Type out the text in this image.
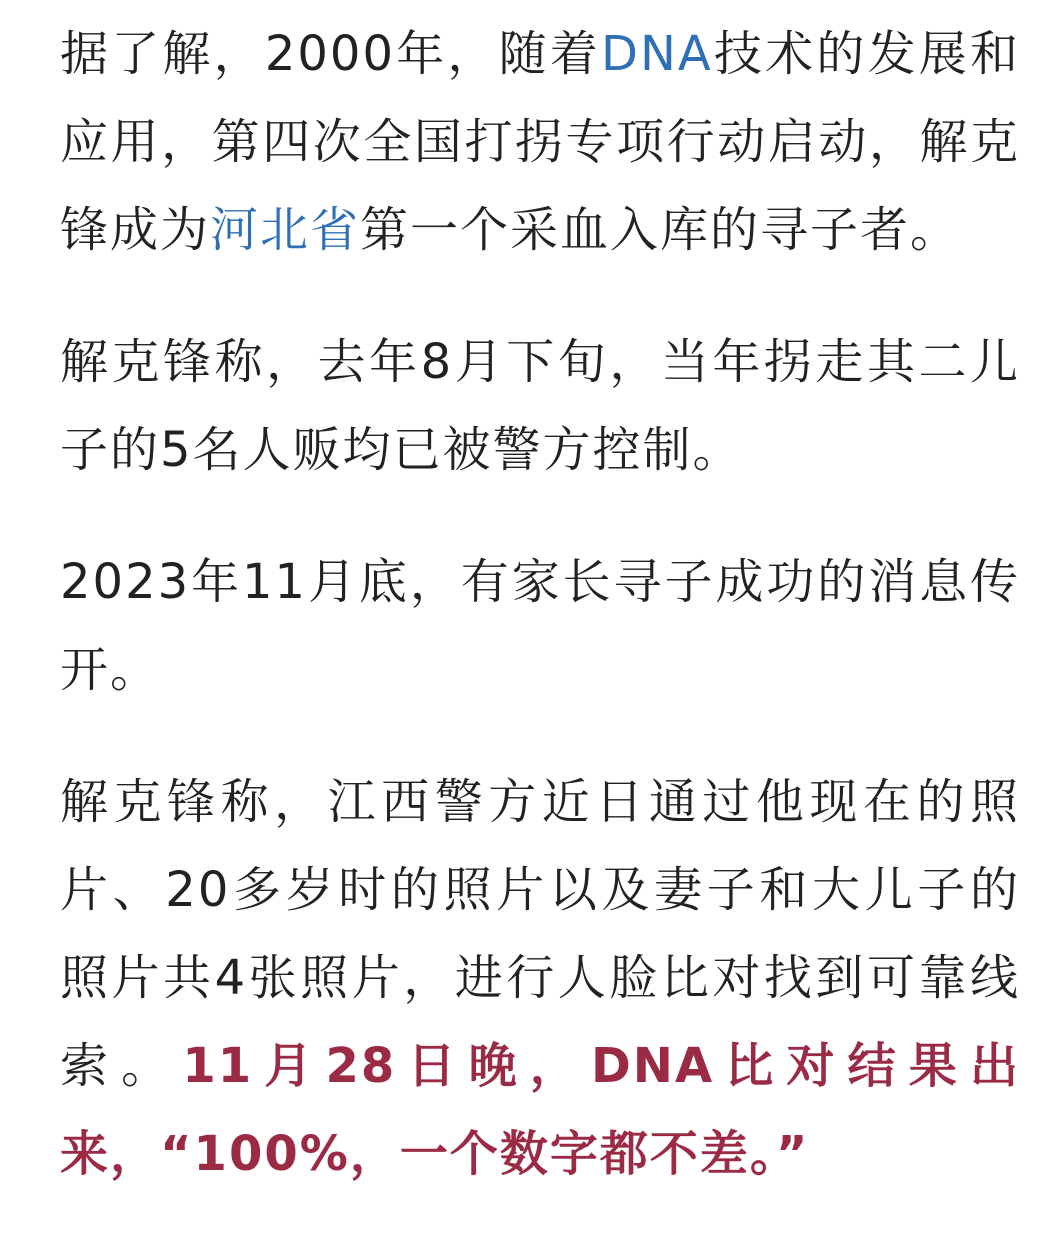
据了解，2000年，随着DNA技术的发展和应用，第四次全国打拐专项行动启动，解克锋成为河北省第一个采血入库的寻子者。

解克锋称，去年8月下旬，当年拐走其二儿子的5名人贩均已被警方控制。

2023年11月底，有家长寻子成功的消息传开。

解克锋称，江西警方近日通过他现在的照片、20多岁时的照片以及妻子和大儿子的照片共4张照片，进行人脸比对找到可靠线索。11月28日晚，DNA比对结果出来，“100%，一个数字都不差。”
